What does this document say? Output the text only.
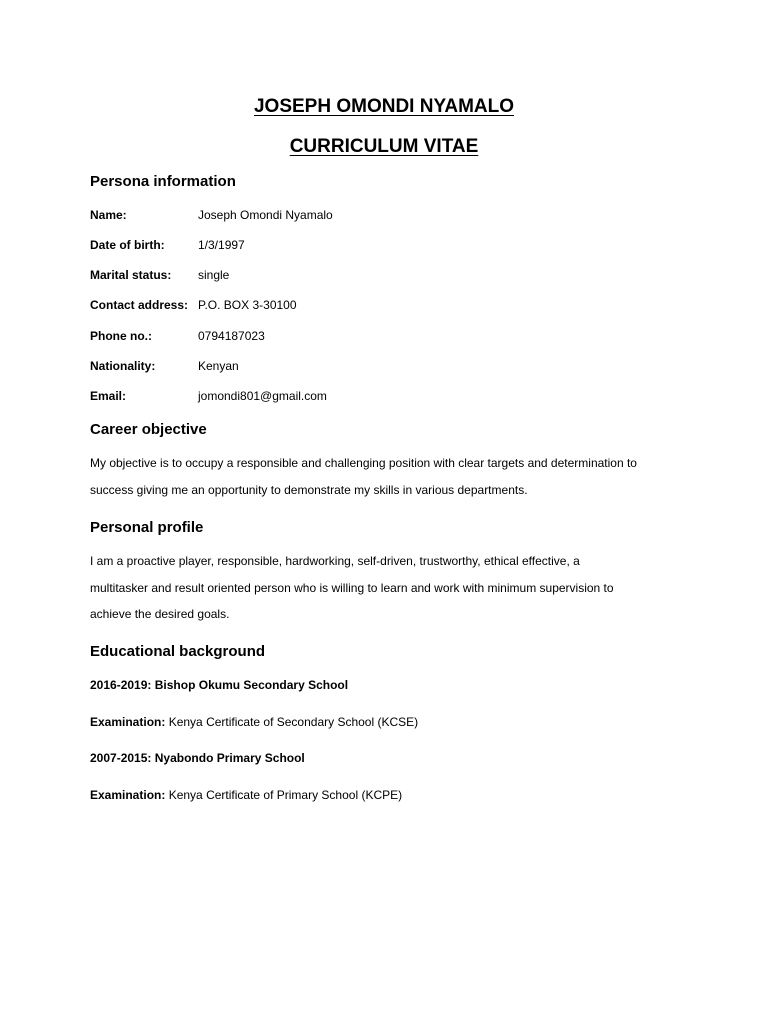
JOSEPH OMONDI NYAMALO
CURRICULUM VITAE
Persona information
Name:	Joseph Omondi Nyamalo
Date of birth:	1/3/1997
Marital status: single
Contact address: P.O. BOX 3-30100
Phone no.:	0794187023
Nationality:	Kenyan
Email:	jomondi801@gmail.com
Career objective
My objective is to occupy a responsible and challenging position with clear targets and determination to
success giving me an opportunity to demonstrate my skills in various departments.
Personal profile
I am a proactive player, responsible, hardworking, self-driven, trustworthy, ethical effective, a
multitasker and result oriented person who is willing to learn and work with minimum supervision to
achieve the desired goals.
Educational background
2016-2019: Bishop Okumu Secondary School
Examination: Kenya Certificate of Secondary School (KCSE)
2007-2015: Nyabondo Primary School
Examination: Kenya Certificate of Primary School (KCPE)
